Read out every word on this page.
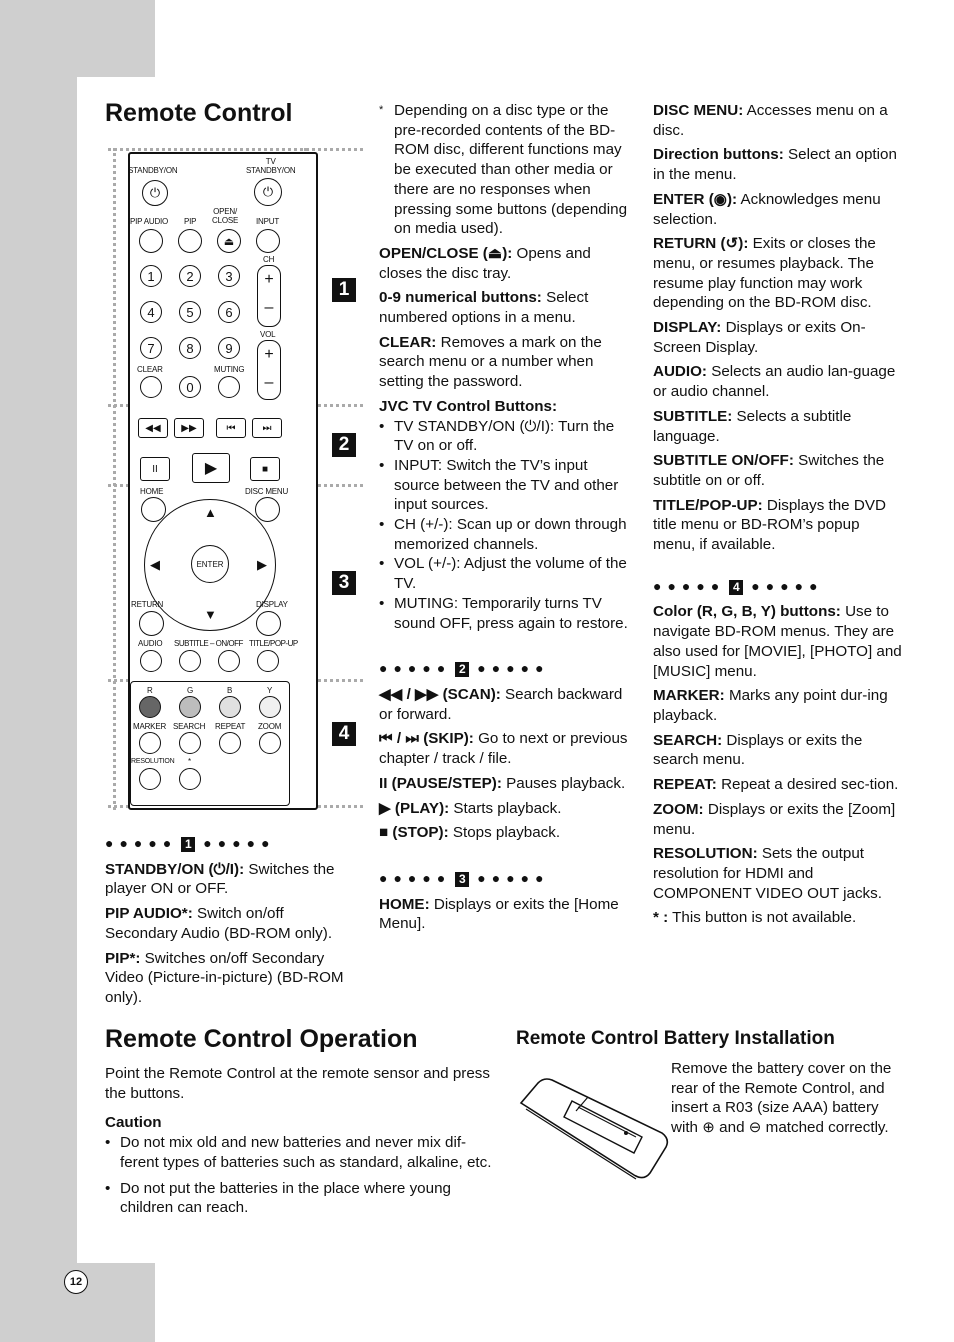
Remote Control
STANDBY/ON
⏻
TV
STANDBY/ON
⏻
PIP AUDIO PIP
OPEN/
CLOSE INPUT
⏏
1	2	3
4	5	6
7	8	9
CLEAR
0
MUTING
CH
+
–
VOL
+
–
◀◀	▶▶	⏮	⏭
II	▶	■
HOME	DISC MENU
▲
▼
◀	▶
ENTER
RETURN	DISPLAY
AUDIO SUBTITLE – ON/OFF TITLE/POP-UP
R	G	B	Y
MARKER SEARCH REPEAT ZOOM
RESOLUTION *
1
2
3
4
●●●●● 1 ●●●●●

STANDBY/ON (⏻/I): Switches the player ON or OFF.

PIP AUDIO*: Switch on/off Secondary Audio (BD-ROM only).

PIP*: Switches on/off Secondary Video (Picture-in-picture) (BD-ROM only).

* Depending on a disc type or the pre-recorded contents of the BD-ROM disc, different functions may be executed than other media or there are no responses when pressing some buttons (depending on media used).

OPEN/CLOSE (⏏): Opens and closes the disc tray.

0-9 numerical buttons: Select numbered options in a menu.

CLEAR: Removes a mark on the search menu or a number when setting the password.

JVC TV Control Buttons:

• TV STANDBY/ON (⏻/I): Turn the TV on or off.
• INPUT: Switch the TV’s input source between the TV and other input sources.
• CH (+/-): Scan up or down through memorized channels.
• VOL (+/-): Adjust the volume of the TV.
• MUTING: Temporarily turns TV sound OFF, press again to restore.
●●●●● 2 ●●●●●

◀◀ / ▶▶ (SCAN): Search backward or forward.

⏮ / ⏭ (SKIP): Go to next or previous chapter / track / file.

II (PAUSE/STEP): Pauses playback.

▶ (PLAY): Starts playback.

■ (STOP): Stops playback.

●●●●● 3 ●●●●●

HOME: Displays or exits the [Home Menu].

DISC MENU: Accesses menu on a disc.

Direction buttons: Select an option in the menu.

ENTER (◉): Acknowledges menu selection.

RETURN (↺): Exits or closes the menu, or resumes playback. The resume play function may work depending on the BD-ROM disc.

DISPLAY: Displays or exits On-Screen Display.

AUDIO: Selects an audio lan-guage or audio channel.

SUBTITLE: Selects a subtitle language.

SUBTITLE ON/OFF: Switches the subtitle on or off.

TITLE/POP-UP: Displays the DVD title menu or BD-ROM’s popup menu, if available.

●●●●● 4 ●●●●●

Color (R, G, B, Y) buttons: Use to navigate BD-ROM menus. They are also used for [MOVIE], [PHOTO] and [MUSIC] menu.

MARKER: Marks any point dur-ing playback.

SEARCH: Displays or exits the search menu.

REPEAT: Repeat a desired sec-tion.

ZOOM: Displays or exits the [Zoom] menu.

RESOLUTION: Sets the output resolution for HDMI and COMPONENT VIDEO OUT jacks.

* : This button is not available.

Remote Control Operation

Point the Remote Control at the remote sensor and press the buttons.

Caution

• Do not mix old and new batteries and never mix dif-ferent types of batteries such as standard, alkaline, etc.
• Do not put the batteries in the place where young children can reach.
Remote Control Battery Installation

Remove the battery cover on the rear of the Remote Control, and insert a R03 (size AAA) battery with ⊕ and ⊖ matched correctly.

12
